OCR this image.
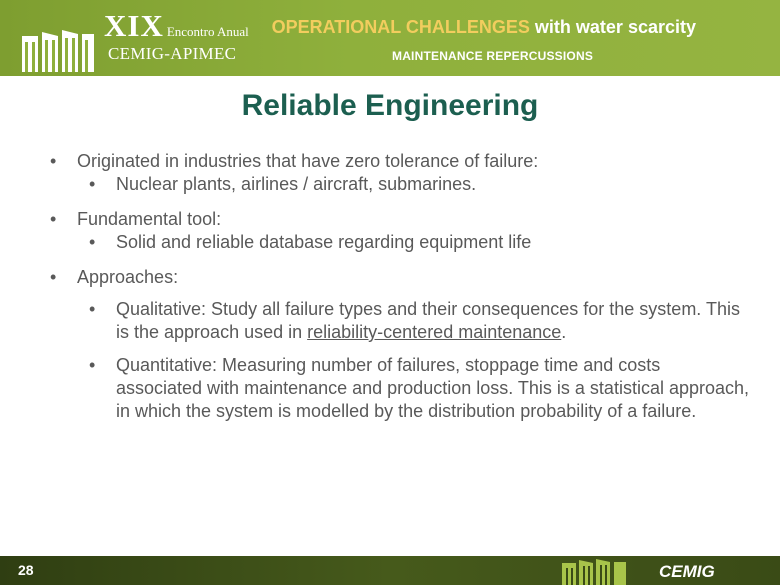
XIX Encontro Anual
CEMIG-APIMEC
OPERATIONAL CHALLENGES with water scarcity
MAINTENANCE REPERCUSSIONS
Reliable Engineering
• Originated in industries that have zero tolerance of failure:
• Nuclear plants, airlines / aircraft, submarines.
• Fundamental tool:
• Solid and reliable database regarding equipment life
• Approaches:
• Qualitative: Study all failure types and their consequences for the system. This is the approach used in reliability-centered maintenance.
• Quantitative: Measuring number of failures, stoppage time and costs associated with maintenance and production loss. This is a statistical approach, in which the system is modelled by the distribution probability of a failure.
28	CEMIG
